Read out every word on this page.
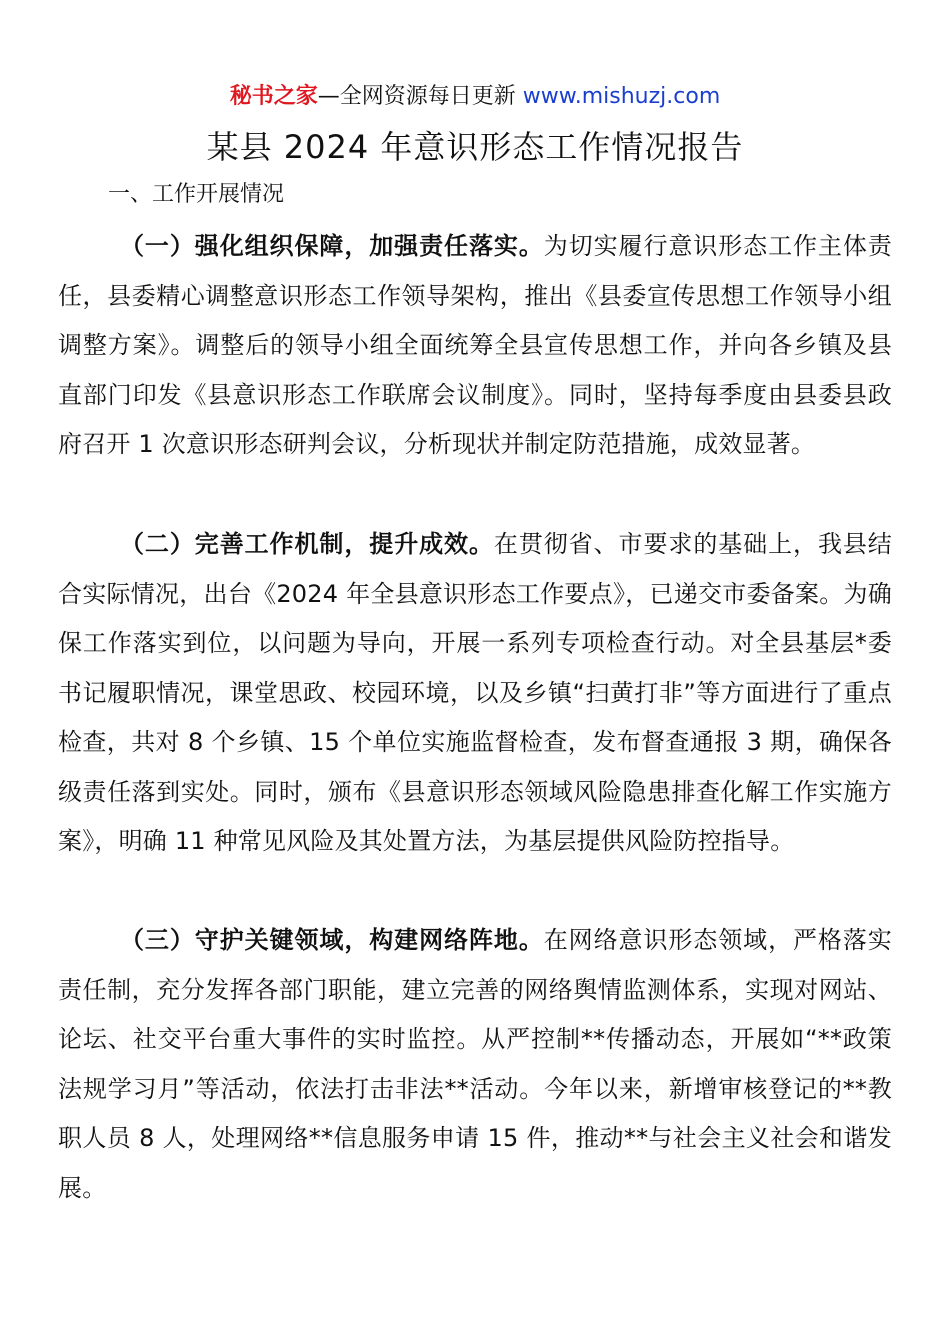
秘书之家—全网资源每日更新 www.mishuzj.com
某县 2024 年意识形态工作情况报告
一、工作开展情况
（一）强化组织保障，加强责任落实。为切实履行意识形态工作主体责任，县委精心调整意识形态工作领导架构，推出《县委宣传思想工作领导小组调整方案》。调整后的领导小组全面统筹全县宣传思想工作，并向各乡镇及县直部门印发《县意识形态工作联席会议制度》。同时，坚持每季度由县委县政府召开 1 次意识形态研判会议，分析现状并制定防范措施，成效显著。
（二）完善工作机制，提升成效。在贯彻省、市要求的基础上，我县结合实际情况，出台《2024 年全县意识形态工作要点》，已递交市委备案。为确保工作落实到位，以问题为导向，开展一系列专项检查行动。对全县基层*委书记履职情况，课堂思政、校园环境，以及乡镇“扫黄打非”等方面进行了重点检查，共对 8 个乡镇、15 个单位实施监督检查，发布督查通报 3 期，确保各级责任落到实处。同时，颁布《县意识形态领域风险隐患排查化解工作实施方案》，明确 11 种常见风险及其处置方法，为基层提供风险防控指导。
（三）守护关键领域，构建网络阵地。在网络意识形态领域，严格落实责任制，充分发挥各部门职能，建立完善的网络舆情监测体系，实现对网站、论坛、社交平台重大事件的实时监控。从严控制**传播动态，开展如“**政策法规学习月”等活动，依法打击非法**活动。今年以来，新增审核登记的**教职人员 8 人，处理网络**信息服务申请 15 件，推动**与社会主义社会和谐发展。
